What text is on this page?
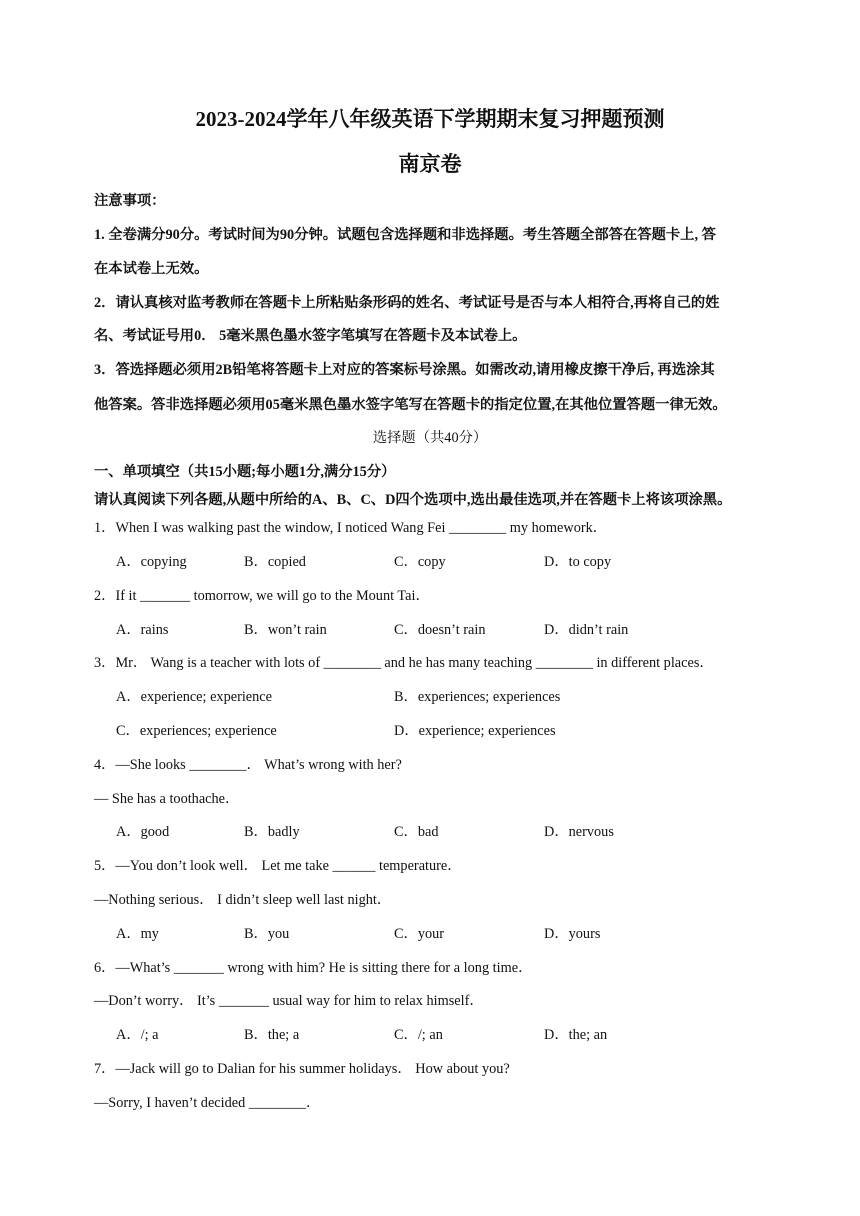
2023-2024学年八年级英语下学期期末复习押题预测
南京卷
注意事项：
1. 全卷满分90分。考试时间为90分钟。试题包含选择题和非选择题。考生答题全部答在答题卡上, 答
在本试卷上无效。
2．请认真核对监考教师在答题卡上所粘贴条形码的姓名、考试证号是否与本人相符合,再将自己的姓
名、考试证号用0． 5毫米黑色墨水签字笔填写在答题卡及本试卷上。
3．答选择题必须用2B铅笔将答题卡上对应的答案标号涂黑。如需改动,请用橡皮擦干净后, 再选涂其
他答案。答非选择题必须用05毫米黑色墨水签字笔写在答题卡的指定位置,在其他位置答题一律无效。
选择题（共40分）
一、单项填空（共15小题;每小题1分,满分15分）
请认真阅读下列各题,从题中所给的A、B、C、D四个选项中,选出最佳选项,并在答题卡上将该项涂黑。
1．When I was walking past the window, I noticed Wang Fei ________ my homework．
A．copying	B．copied	C．copy	D．to copy
2．If it _______ tomorrow, we will go to the Mount Tai．
A．rains	B．won’t rain	C．doesn’t rain	D．didn’t rain
3．Mr． Wang is a teacher with lots of ________ and he has many teaching ________ in different places．
A．experience; experience	B．experiences; experiences
C．experiences; experience	D．experience; experiences
4．—She looks ________． What’s wrong with her?
— She has a toothache．
A．good	B．badly	C．bad	D．nervous
5．—You don’t look well． Let me take ______ temperature．
—Nothing serious． I didn’t sleep well last night．
A．my	B．you	C．your	D．yours
6．—What’s _______ wrong with him? He is sitting there for a long time．
—Don’t worry． It’s _______ usual way for him to relax himself．
A．/; a	B．the; a	C．/; an	D．the; an
7．—Jack will go to Dalian for his summer holidays． How about you?
—Sorry, I haven’t decided ________．
